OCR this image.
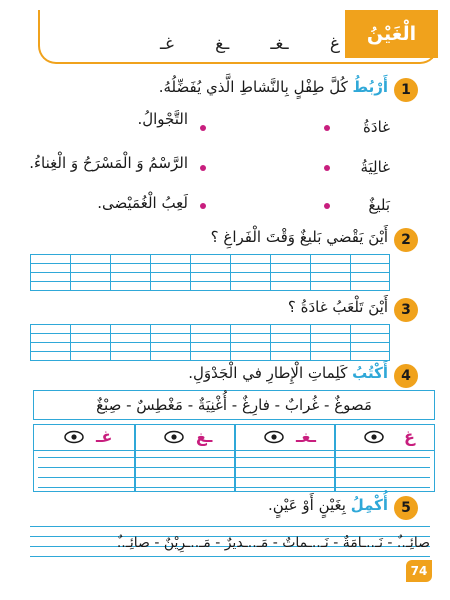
الْغَيْنُ
غ
ـغـ
ـغ
غـ
1
أَرْبُطُ كُلَّ طِفْلٍ بِالنَّشاطِ الَّذي يُفَضِّلُهُ.
غادَةُ
التَّجْوالُ.
غالِيَةُ
الرَّسْمُ وَ الْمَسْرَحُ وَ الْغِناءُ.
بَليغٌ
لَعِبُ الْغُمَيْضى.
2
أَيْنَ يَقْضي بَليغٌ وَقْتَ الْفَراغِ ؟
3
أَيْنَ تَلْعَبُ غادَةُ ؟
4
أَكْتُبُ كَلِماتِ الْإِطارِ في الْجَدْوَلِ.
مَصوغٌ - غُرابٌ - فارِغٌ - أُغْنِيَةٌ - مَغْطِسٌ - صِبْغٌ
غ
ـغـ
ـغ
غـ
5
أُكْمِلُ بِغَيْنٍ أَوْ عَيْنٍ.
صائِـ..ٌ - نَـ..ـامَةٌ - نَـ..ـماتٌ - مَـ..ـديرٌ - مَـ..ـرِيْنٌ - صائِـ..ٌ
74
